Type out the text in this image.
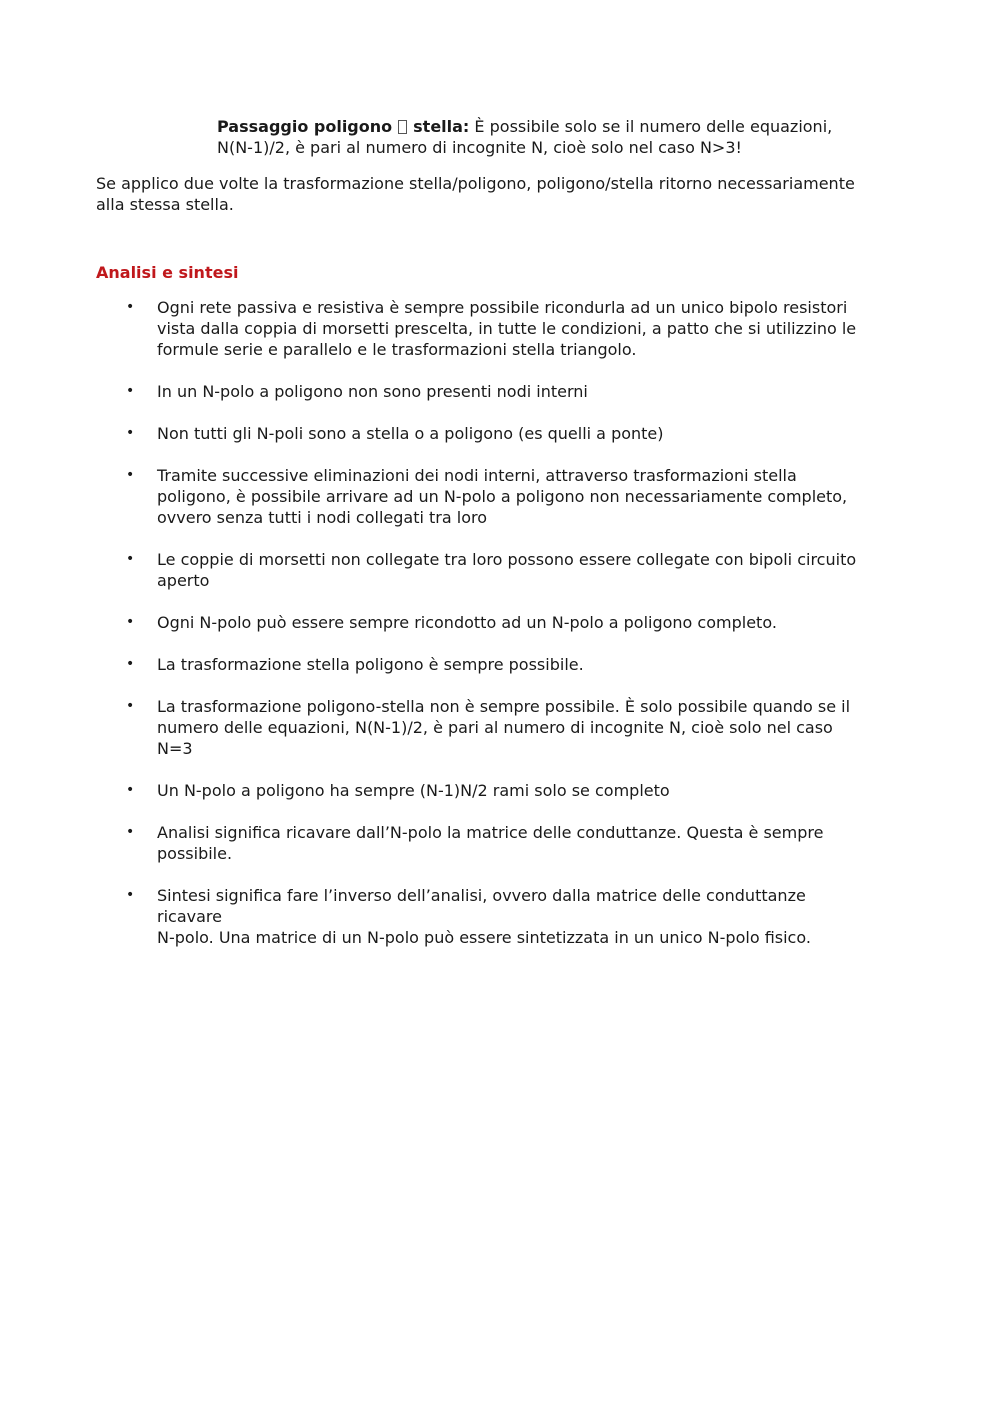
Passaggio poligono stella: È possibile solo se il numero delle equazioni,
N(N-1)/2, è pari al numero di incognite N, cioè solo nel caso N>3!
Se applico due volte la trasformazione stella/poligono, poligono/stella ritorno necessariamente
alla stessa stella.
Analisi e sintesi
• Ogni rete passiva e resistiva è sempre possibile ricondurla ad un unico bipolo resistori
vista dalla coppia di morsetti prescelta, in tutte le condizioni, a patto che si utilizzino le
formule serie e parallelo e le trasformazioni stella triangolo.
• In un N-polo a poligono non sono presenti nodi interni
• Non tutti gli N-poli sono a stella o a poligono (es quelli a ponte)
• Tramite successive eliminazioni dei nodi interni, attraverso trasformazioni stella
poligono, è possibile arrivare ad un N-polo a poligono non necessariamente completo,
ovvero senza tutti i nodi collegati tra loro
• Le coppie di morsetti non collegate tra loro possono essere collegate con bipoli circuito
aperto
• Ogni N-polo può essere sempre ricondotto ad un N-polo a poligono completo.
• La trasformazione stella poligono è sempre possibile.
• La trasformazione poligono-stella non è sempre possibile. È solo possibile quando se il
numero delle equazioni, N(N-1)/2, è pari al numero di incognite N, cioè solo nel caso
N=3
• Un N-polo a poligono ha sempre (N-1)N/2 rami solo se completo
• Analisi significa ricavare dall’N-polo la matrice delle conduttanze. Questa è sempre
possibile.
• Sintesi significa fare l’inverso dell’analisi, ovvero dalla matrice delle conduttanze
ricavare
N-polo. Una matrice di un N-polo può essere sintetizzata in un unico N-polo fisico.
